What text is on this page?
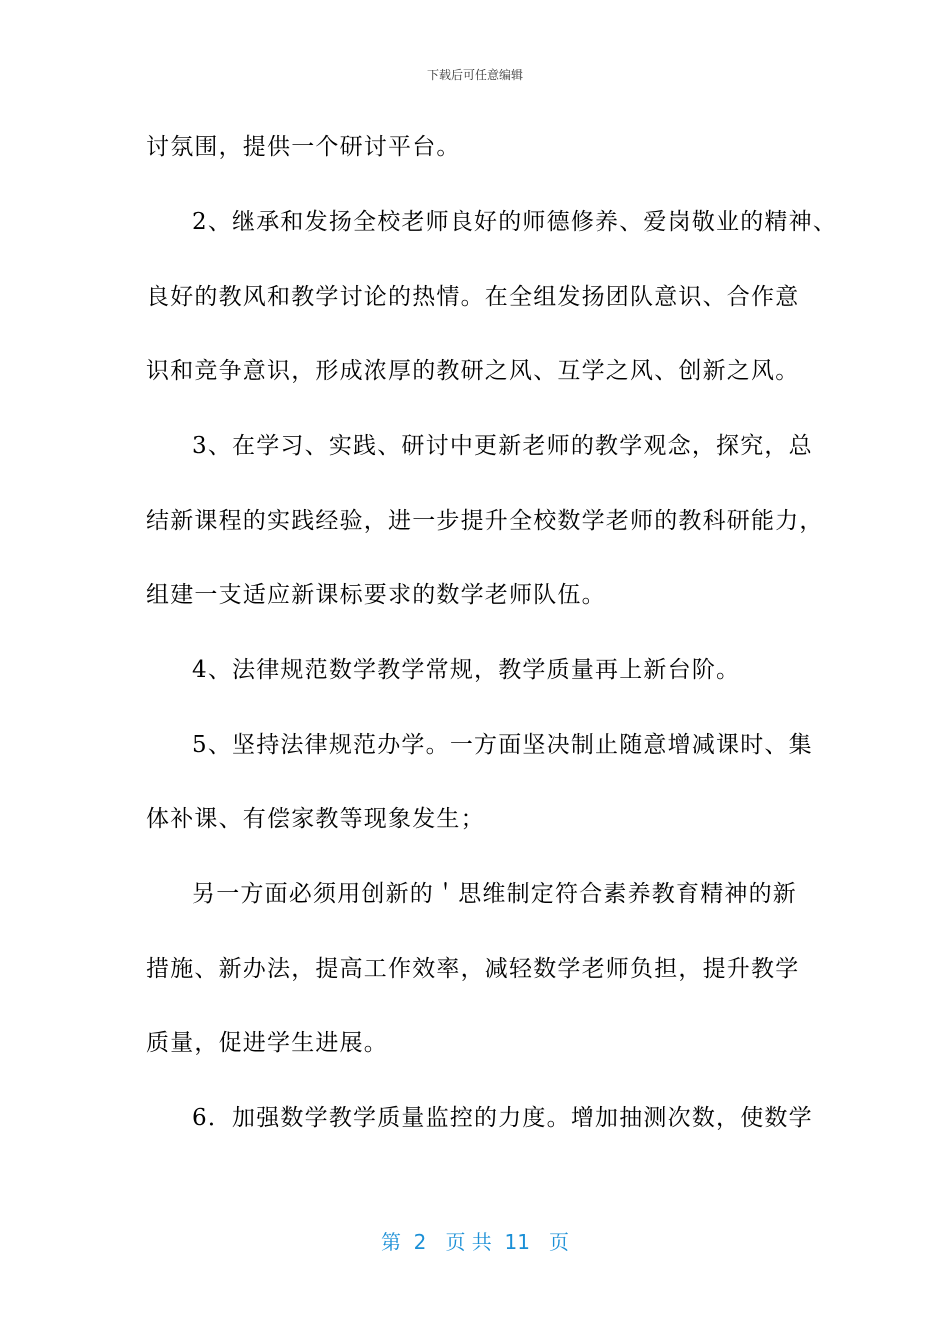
下载后可任意编辑
讨氛围，提供一个研讨平台。
2、继承和发扬全校老师良好的师德修养、爱岗敬业的精神、
良好的教风和教学讨论的热情。在全组发扬团队意识、合作意
识和竞争意识，形成浓厚的教研之风、互学之风、创新之风。
3、在学习、实践、研讨中更新老师的教学观念，探究，总
结新课程的实践经验，进一步提升全校数学老师的教科研能力，
组建一支适应新课标要求的数学老师队伍。
4、法律规范数学教学常规，教学质量再上新台阶。
5、坚持法律规范办学。一方面坚决制止随意增减课时、集
体补课、有偿家教等现象发生；
另一方面必须用创新的＇思维制定符合素养教育精神的新
措施、新办法，提高工作效率，减轻数学老师负担，提升教学
质量，促进学生进展。
6．加强数学教学质量监控的力度。增加抽测次数，使数学
第  2   页 共  11   页
